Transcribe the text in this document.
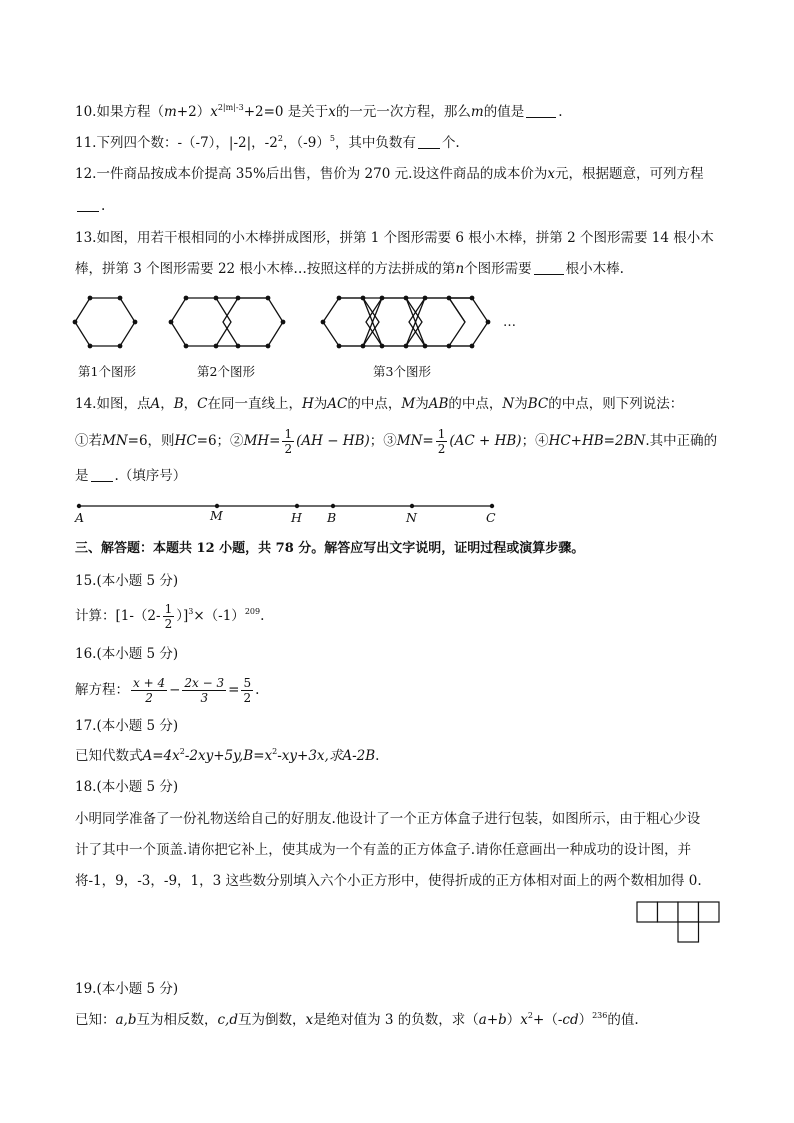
10.如果方程$(m+2)x^{2|m|-3}+2=0$ 是关于x的一元一次方程，那么m的值是	.
11.下列四个数：-（-7），|-2|，$-2^2$，$(-9)^5$，其中负数有 个.
12.一件商品按成本价提高 35%后出售，售价为 270 元.设这件商品的成本价为x元，根据题意，可列方程
.
13.如图，用若干根相同的小木棒拼成图形，拼第 1 个图形需要 6 根小木棒，拼第 2 个图形需要 14 根小木
棒，拼第 3 个图形需要 22 根小木棒…按照这样的方法拼成的第n个图形需要	根小木棒.
…
第1个图形	第2个图形	第3个图形
14.如图，点A，B，C在同一直线上，H为AC的中点，M为AB的中点，N为BC的中点，则下列说法：
①若MN=6，则HC=6；②MH= $\frac{1}{2} (AH - HB)$；③MN= $\frac{1}{2} (AC + HB)$；④HC+HB=2BN.其中正确的
是 .（填序号）
A	M	H B	N	C
三、解答题：本题共 12 小题，共 78 分。解答应写出文字说明，证明过程或演算步骤。
15.(本小题 5 分)
计算：$[1-(2- \frac{1}{2} )]^3\times(-1)^{209}$.
16.(本小题 5 分)
解方程： $\frac{x + 4}{2} - \frac{2x - 3}{3} = \frac{5}{2}$ .
17.(本小题 5 分)
已知代数式$A=4x^2-2xy+5y,B=x^2-xy+3x$,求A-2B.
18.(本小题 5 分)
小明同学准备了一份礼物送给自己的好朋友.他设计了一个正方体盒子进行包装，如图所示，由于粗心少设
计了其中一个顶盖.请你把它补上，使其成为一个有盖的正方体盒子.请你任意画出一种成功的设计图，并
将-1，9，-3，-9，1，3 这些数分别填入六个小正方形中，使得折成的正方体相对面上的两个数相加得 0.
19.(本小题 5 分)
已知：a,b互为相反数，c,d互为倒数，x是绝对值为 3 的负数，求$(a+b)x^2+(-cd)^{236}$的值.
